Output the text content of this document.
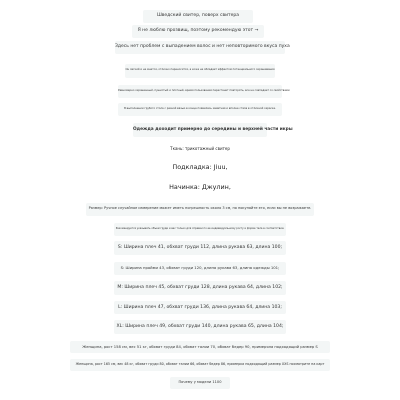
Шведский свитер, поверх свитера
Я не люблю прозвищ, поэтому рекомендую этот →
Здесь нет проблем с выпадением волос и нет неповторимого вкуса пуха
Он легкий и не мнется, отлично переносится, а кожа не обладает эффектом потенциального окрашивания
Равномерно окрашенный, пушистый и плотный, время пользования перестанет повторять, все не совпадает со свойствами
В выполнении грубого стола с разной вязью в конце появилась заметная и вполне стала в отличной окраске.
Одежда доходит примерно до середины и верхней части икры
Ткань: трикотажный свитер
Подкладка: Jiuu,
Начинка: Джулин,
Размер: Ручное случайное измерение может иметь погрешность около 3 см, но покупайте его, если вы не возражаете.
Рекомендуется указывать объем груди и вес только для справки по ее индивидуальному росту и форме тела в соответствии.
S: Ширина плеч 41, обхват груди 112, длина рукава 63, длина 100;
S: Ширина пройми 43, обхват груди 120, длина рукава 63, длина одежды 101;
M: Ширина плеч 45, обхват груди 128, длина рукава 64, длина 102;
L: Ширина плеч 47, обхват груди 136, длина рукава 64, длина 103;
XL: Ширина плеч 49, обхват груди 140, длина рукава 65, длина 104;
Женщина, рост 158 см, вес 51 кг, обхват груди 84, обхват талии 70, обхват бедер 90, примеряла подходящий размер S
Женщина, рост 165 см, вес 48 кг, обхват груди 80, обхват талии 66, обхват бедер 86, примерка подходящий размер XXS посмотрите на карт
Почему у модели 1100
